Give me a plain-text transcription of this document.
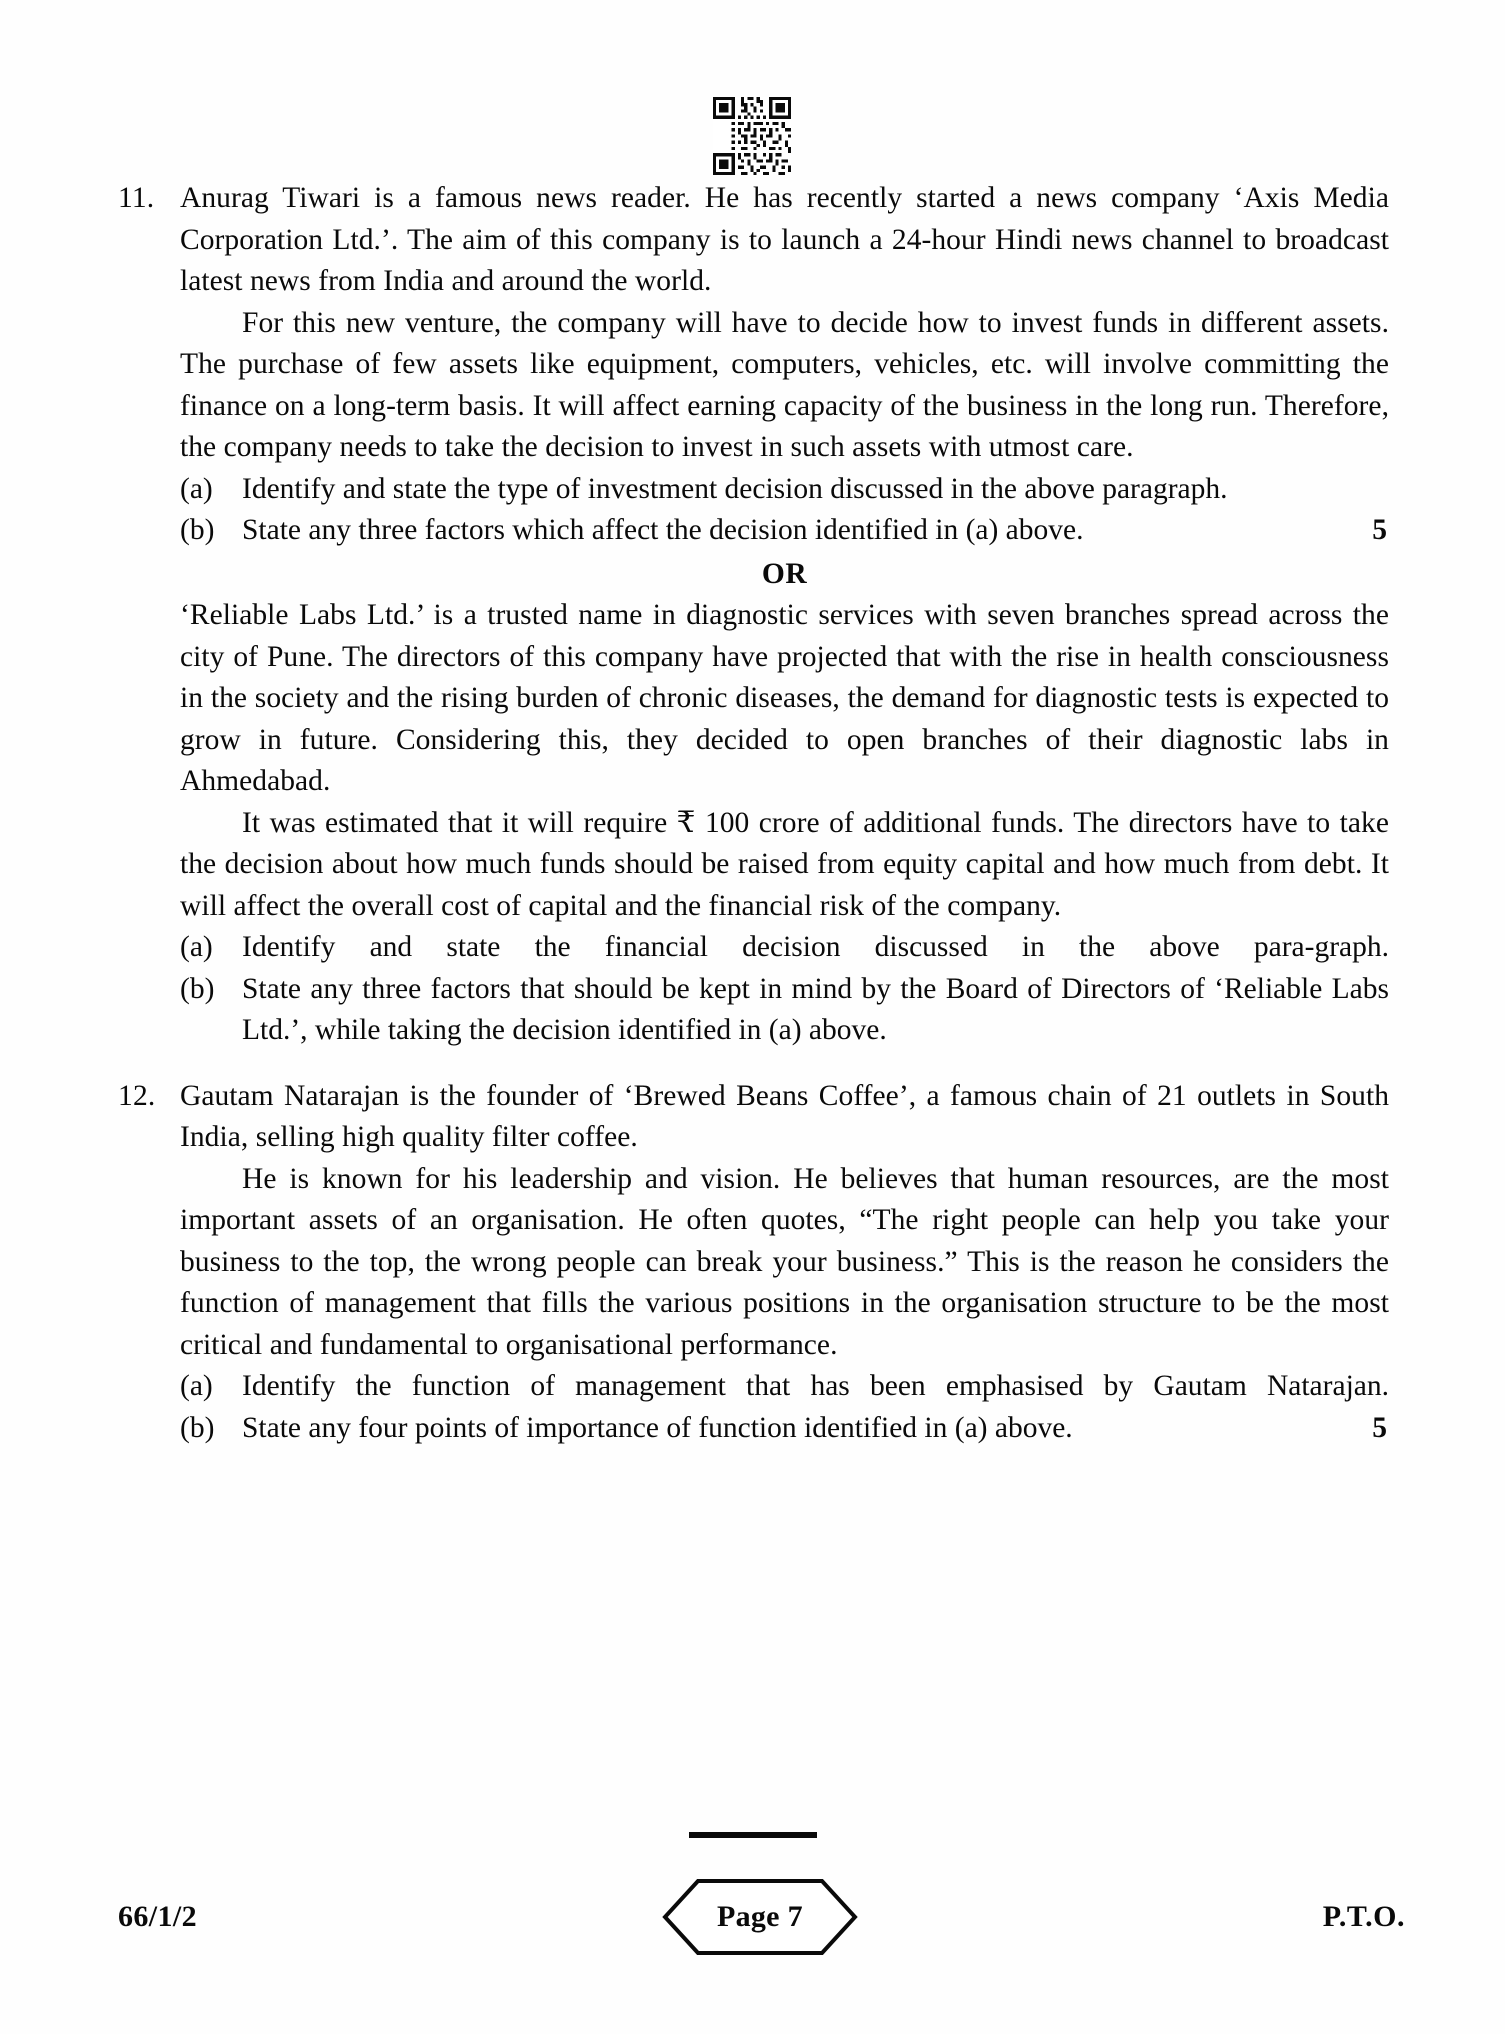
11. Anurag Tiwari is a famous news reader. He has recently started a news company ‘Axis Media Corporation Ltd.’. The aim of this company is to launch a 24-hour Hindi news channel to broadcast latest news from India and around the world.

For this new venture, the company will have to decide how to invest funds in different assets. The purchase of few assets like equipment, computers, vehicles, etc. will involve committing the finance on a long-term basis. It will affect earning capacity of the business in the long run. Therefore, the company needs to take the decision to invest in such assets with utmost care.

(a) Identify and state the type of investment decision discussed in the above paragraph.
(b) State any three factors which affect the decision identified in (a) above.	5
OR

‘Reliable Labs Ltd.’ is a trusted name in diagnostic services with seven branches spread across the city of Pune. The directors of this company have projected that with the rise in health consciousness in the society and the rising burden of chronic diseases, the demand for diagnostic tests is expected to grow in future. Considering this, they decided to open branches of their diagnostic labs in Ahmedabad.

It was estimated that it will require ₹ 100 crore of additional funds. The directors have to take the decision about how much funds should be raised from equity capital and how much from debt. It will affect the overall cost of capital and the financial risk of the company.

(a) Identify and state the financial decision discussed in the above para-graph.
(b) State any three factors that should be kept in mind by the Board of Directors of ‘Reliable Labs Ltd.’, while taking the decision identified in (a) above.
12. Gautam Natarajan is the founder of ‘Brewed Beans Coffee’, a famous chain of 21 outlets in South India, selling high quality filter coffee.

He is known for his leadership and vision. He believes that human resources, are the most important assets of an organisation. He often quotes, “The right people can help you take your business to the top, the wrong people can break your business.” This is the reason he considers the function of management that fills the various positions in the organisation structure to be the most critical and fundamental to organisational performance.

(a) Identify the function of management that has been emphasised by Gautam Natarajan.
(b) State any four points of importance of function identified in (a) above.	5
66/1/2	Page 7	P.T.O.
